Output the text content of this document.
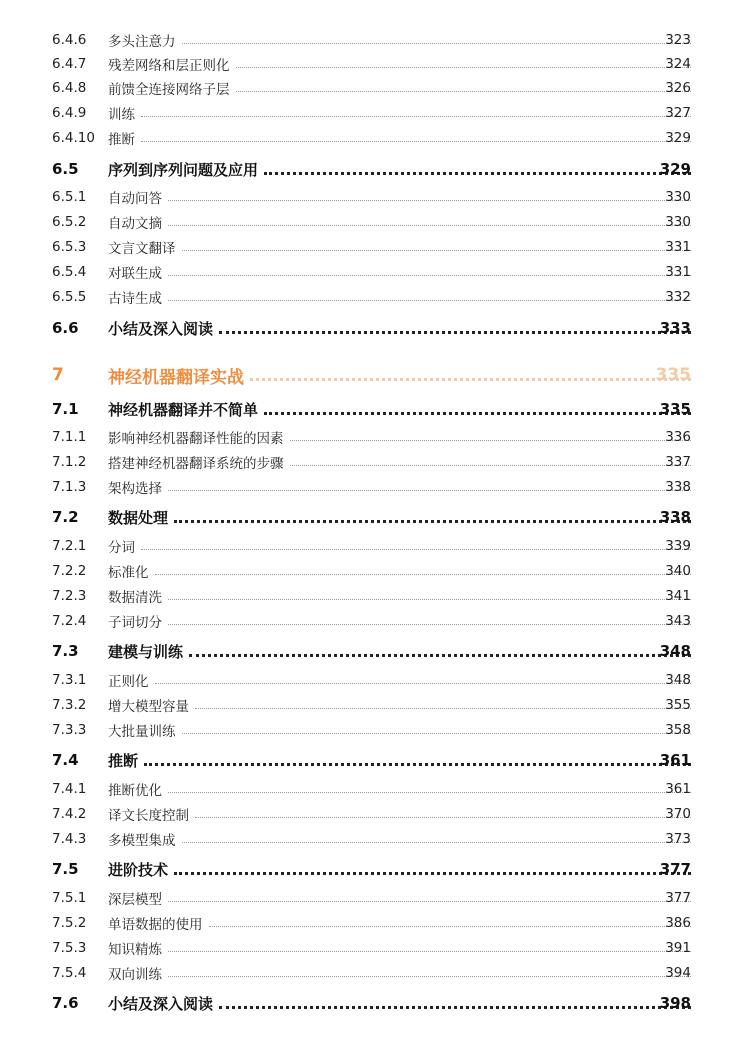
6.4.6 多头注意力	323
6.4.7 残差网络和层正则化	324
6.4.8 前馈全连接网络子层	326
6.4.9 训练	327
6.4.10 推断	329
6.5 序列到序列问题及应用	329
6.5.1 自动问答	330
6.5.2 自动文摘	330
6.5.3 文言文翻译	331
6.5.4 对联生成	331
6.5.5 古诗生成	332
6.6 小结及深入阅读	333
7	神经机器翻译实战	335
7.1 神经机器翻译并不简单	335
7.1.1 影响神经机器翻译性能的因素	336
7.1.2 搭建神经机器翻译系统的步骤	337
7.1.3 架构选择	338
7.2 数据处理	338
7.2.1 分词	339
7.2.2 标准化	340
7.2.3 数据清洗	341
7.2.4 子词切分	343
7.3 建模与训练	348
7.3.1 正则化	348
7.3.2 增大模型容量	355
7.3.3 大批量训练	358
7.4 推断	361
7.4.1 推断优化	361
7.4.2 译文长度控制	370
7.4.3 多模型集成	373
7.5 进阶技术	377
7.5.1 深层模型	377
7.5.2 单语数据的使用	386
7.5.3 知识精炼	391
7.5.4 双向训练	394
7.6 小结及深入阅读	398
